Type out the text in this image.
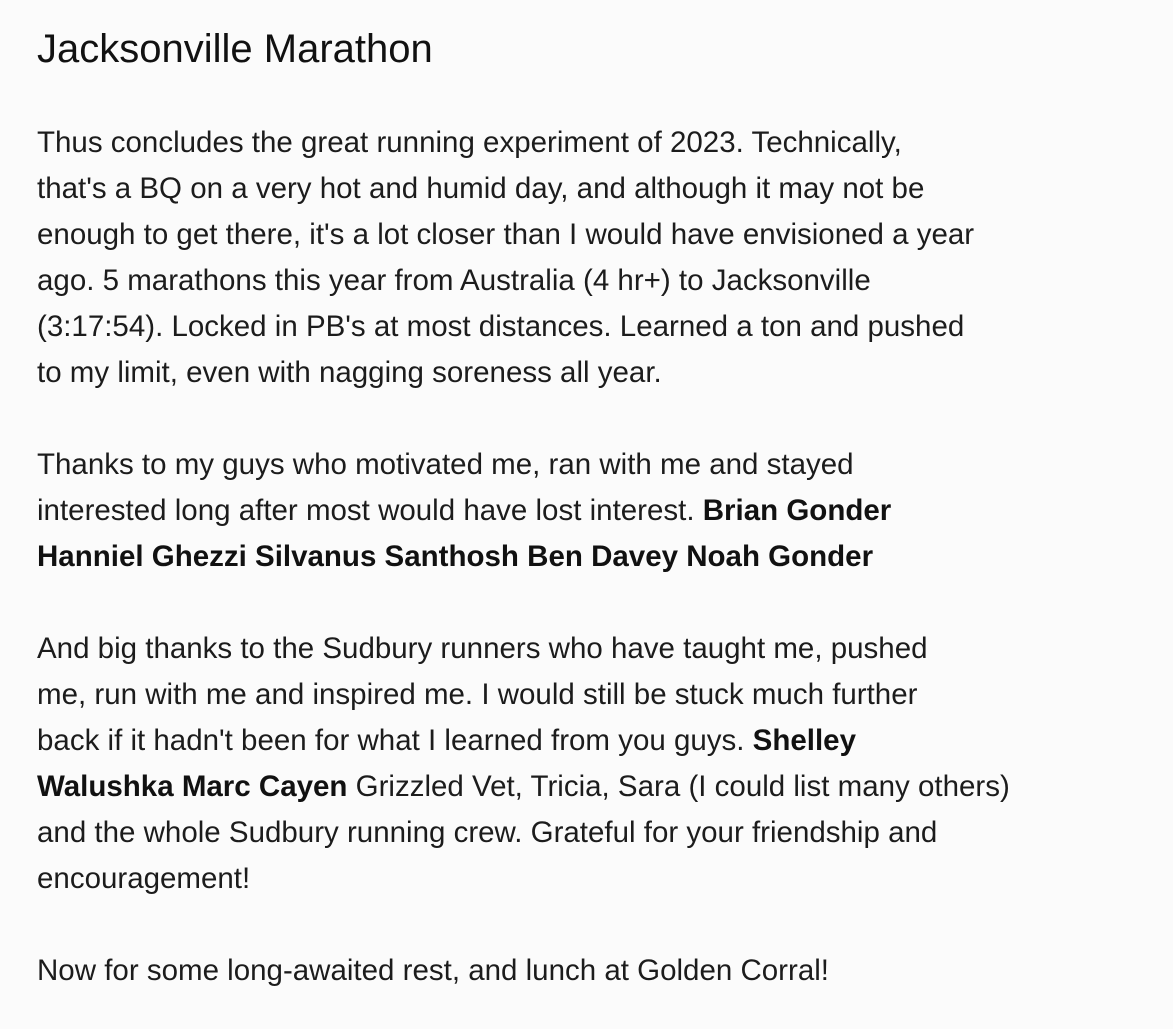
Jacksonville Marathon

Thus concludes the great running experiment of 2023. Technically,
that's a BQ on a very hot and humid day, and although it may not be
enough to get there, it's a lot closer than I would have envisioned a year
ago. 5 marathons this year from Australia (4 hr+) to Jacksonville
(3:17:54). Locked in PB's at most distances. Learned a ton and pushed
to my limit, even with nagging soreness all year.

Thanks to my guys who motivated me, ran with me and stayed
interested long after most would have lost interest. Brian Gonder
Hanniel Ghezzi Silvanus Santhosh Ben Davey Noah Gonder

And big thanks to the Sudbury runners who have taught me, pushed
me, run with me and inspired me. I would still be stuck much further
back if it hadn't been for what I learned from you guys. Shelley
Walushka Marc Cayen Grizzled Vet, Tricia, Sara (I could list many others)
and the whole Sudbury running crew. Grateful for your friendship and
encouragement!

Now for some long-awaited rest, and lunch at Golden Corral!
